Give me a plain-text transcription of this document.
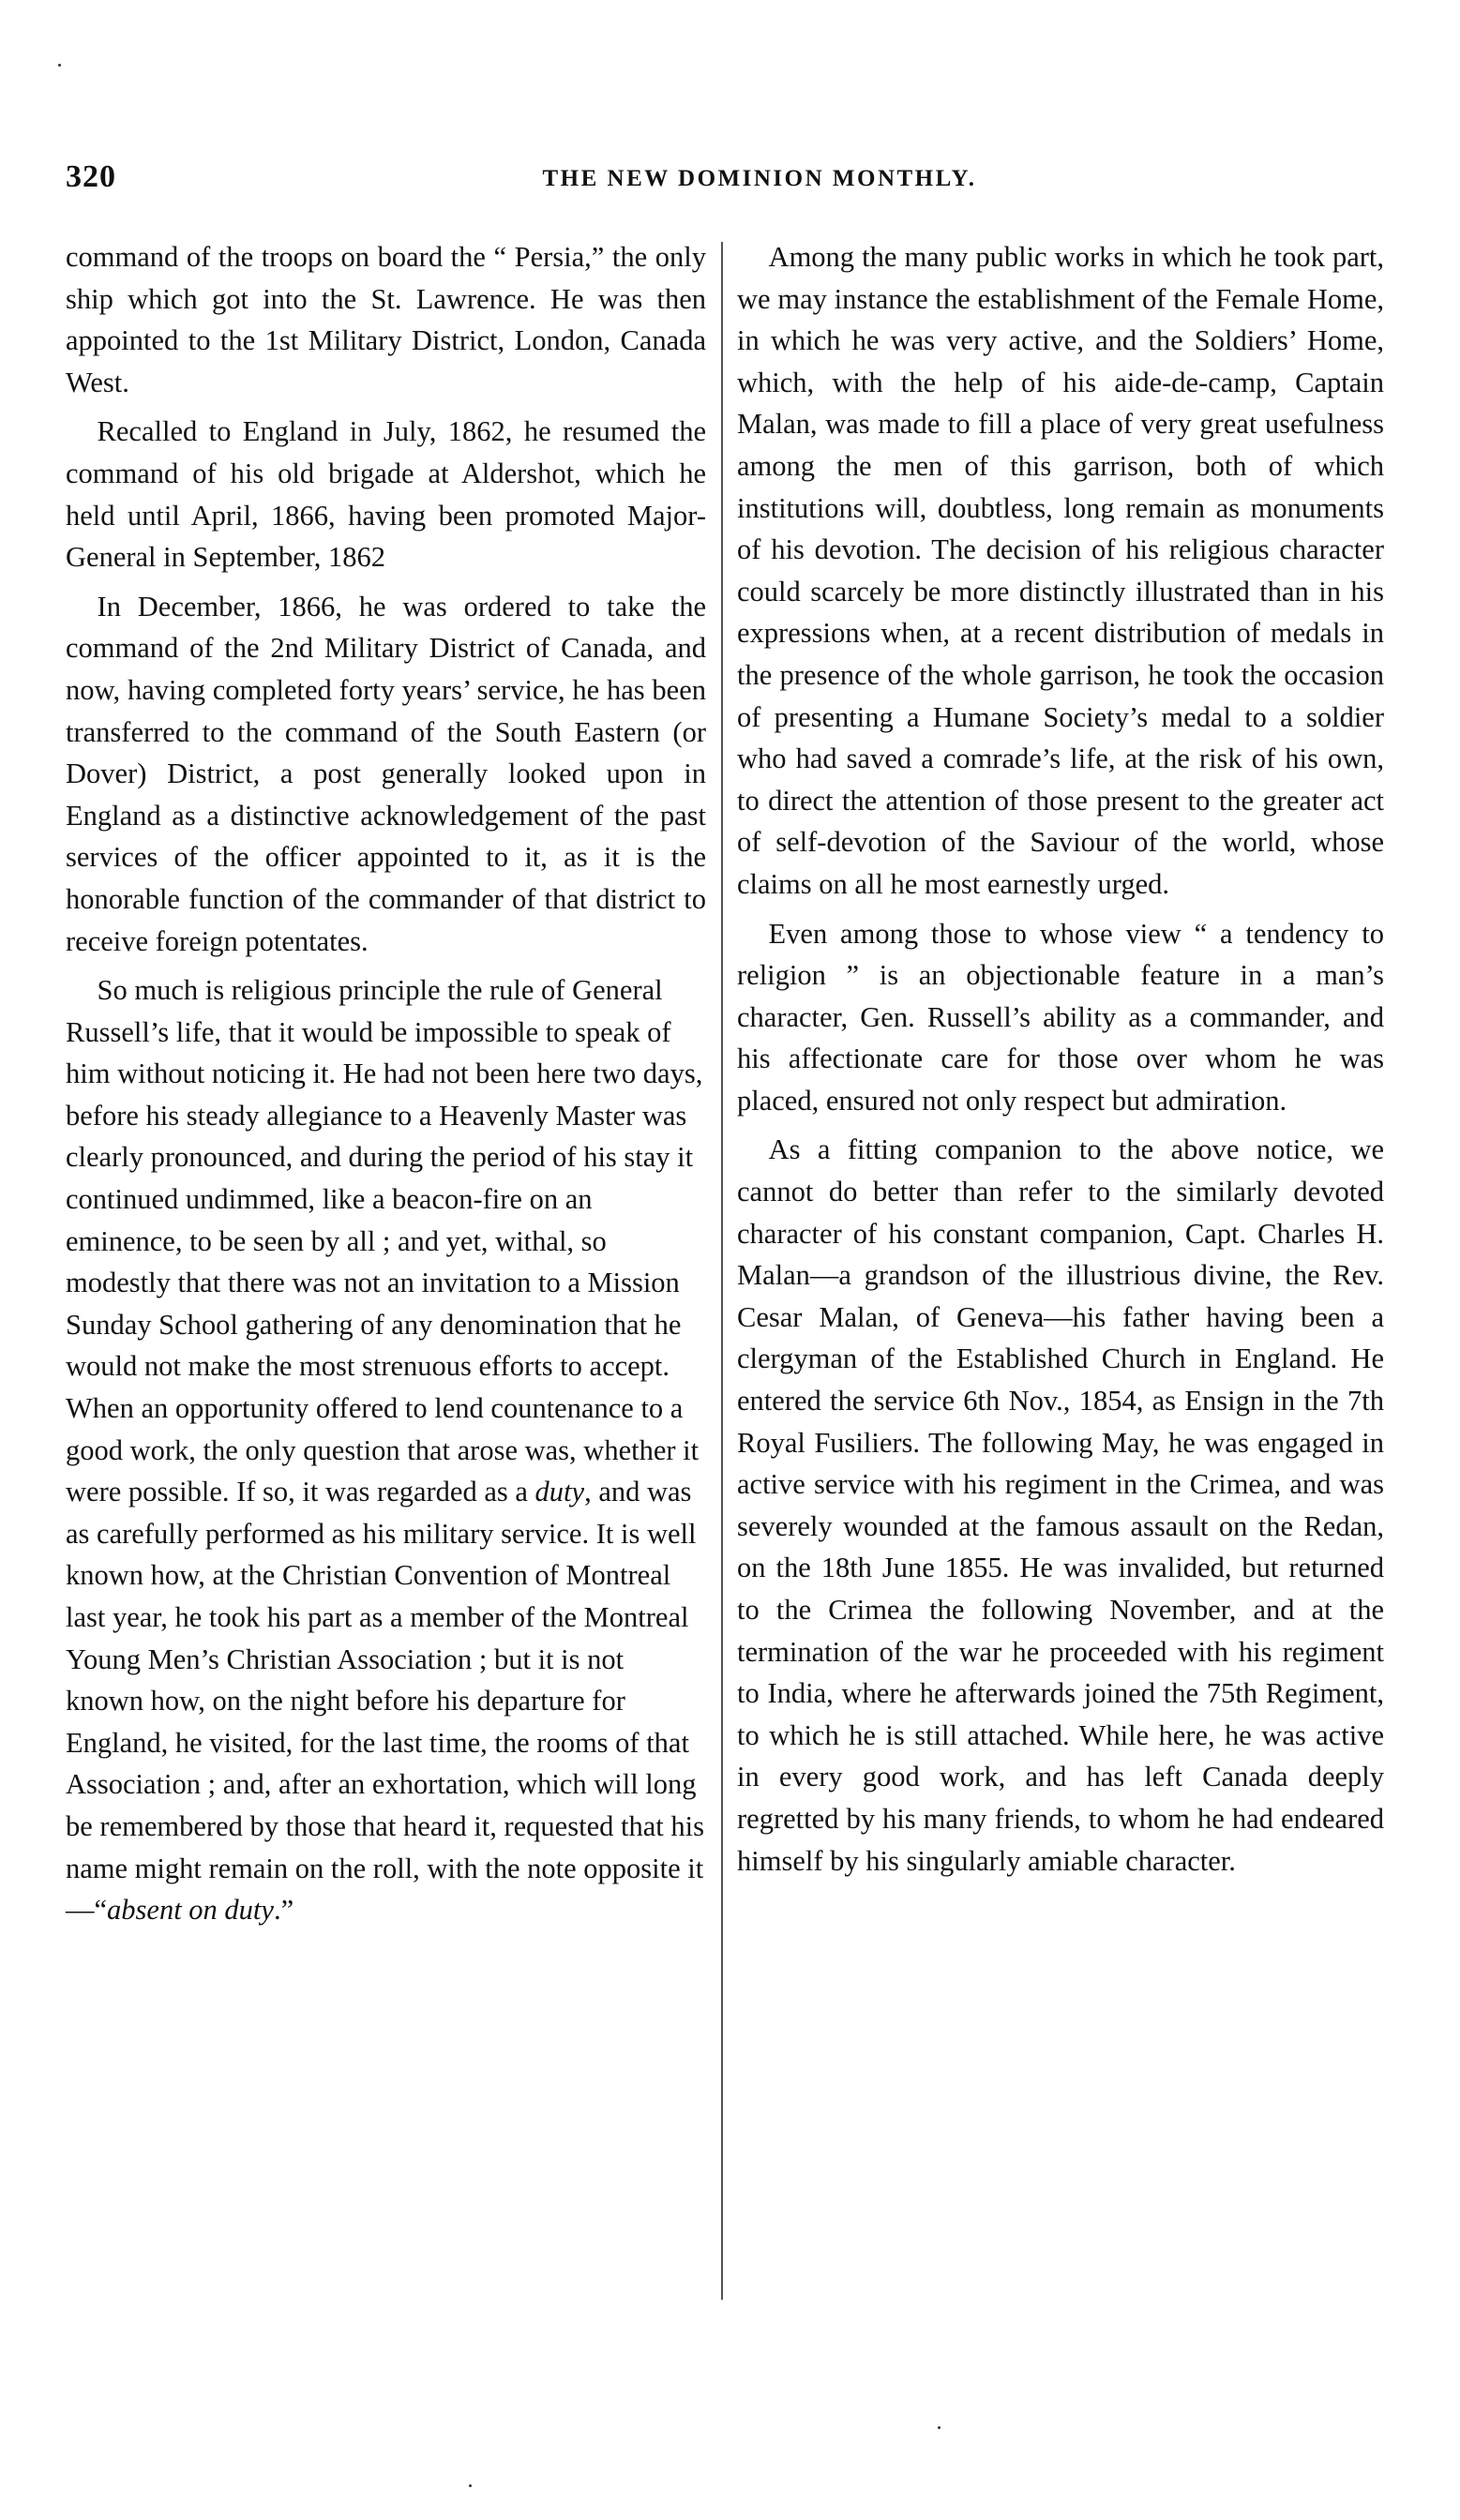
320	THE NEW DOMINION MONTHLY.

command of the troops on board the “ Persia,” the only ship which got into the St. Lawrence. He was then appointed to the 1st Military District, London, Canada West.

Recalled to England in July, 1862, he resumed the command of his old brigade at Aldershot, which he held until April, 1866, having been promoted Major-General in September, 1862

In December, 1866, he was ordered to take the command of the 2nd Military District of Canada, and now, having completed forty years’ service, he has been transferred to the command of the South Eastern (or Dover) District, a post generally looked upon in England as a distinctive acknowledgement of the past services of the officer appointed to it, as it is the honorable function of the commander of that district to receive foreign potentates.

So much is religious principle the rule of General Russell’s life, that it would be impossible to speak of him without noticing it. He had not been here two days, before his steady allegiance to a Heavenly Master was clearly pronounced, and during the period of his stay it continued undimmed, like a beacon-fire on an eminence, to be seen by all ; and yet, withal, so modestly that there was not an invitation to a Mission Sunday School gathering of any denomination that he would not make the most strenuous efforts to accept. When an opportunity offered to lend countenance to a good work, the only question that arose was, whether it were possible. If so, it was regarded as a duty, and was as carefully performed as his military service. It is well known how, at the Christian Convention of Montreal last year, he took his part as a member of the Montreal Young Men’s Christian Association ; but it is not known how, on the night before his departure for England, he visited, for the last time, the rooms of that Association ; and, after an exhortation, which will long be remembered by those that heard it, requested that his name might remain on the roll, with the note opposite it—“absent on duty.”

Among the many public works in which he took part, we may instance the establishment of the Female Home, in which he was very active, and the Soldiers’ Home, which, with the help of his aide-de-camp, Captain Malan, was made to fill a place of very great usefulness among the men of this garrison, both of which institutions will, doubtless, long remain as monuments of his devotion. The decision of his religious character could scarcely be more distinctly illustrated than in his expressions when, at a recent distribution of medals in the presence of the whole garrison, he took the occasion of presenting a Humane Society’s medal to a soldier who had saved a comrade’s life, at the risk of his own, to direct the attention of those present to the greater act of self-devotion of the Saviour of the world, whose claims on all he most earnestly urged.

Even among those to whose view “ a tendency to religion ” is an objectionable feature in a man’s character, Gen. Russell’s ability as a commander, and his affectionate care for those over whom he was placed, ensured not only respect but admiration.

As a fitting companion to the above notice, we cannot do better than refer to the similarly devoted character of his constant companion, Capt. Charles H. Malan—a grandson of the illustrious divine, the Rev. Cesar Malan, of Geneva—his father having been a clergyman of the Established Church in England. He entered the service 6th Nov., 1854, as Ensign in the 7th Royal Fusiliers. The following May, he was engaged in active service with his regiment in the Crimea, and was severely wounded at the famous assault on the Redan, on the 18th June 1855. He was invalided, but returned to the Crimea the following November, and at the termination of the war he proceeded with his regiment to India, where he afterwards joined the 75th Regiment, to which he is still attached. While here, he was active in every good work, and has left Canada deeply regretted by his many friends, to whom he had endeared himself by his singularly amiable character.
